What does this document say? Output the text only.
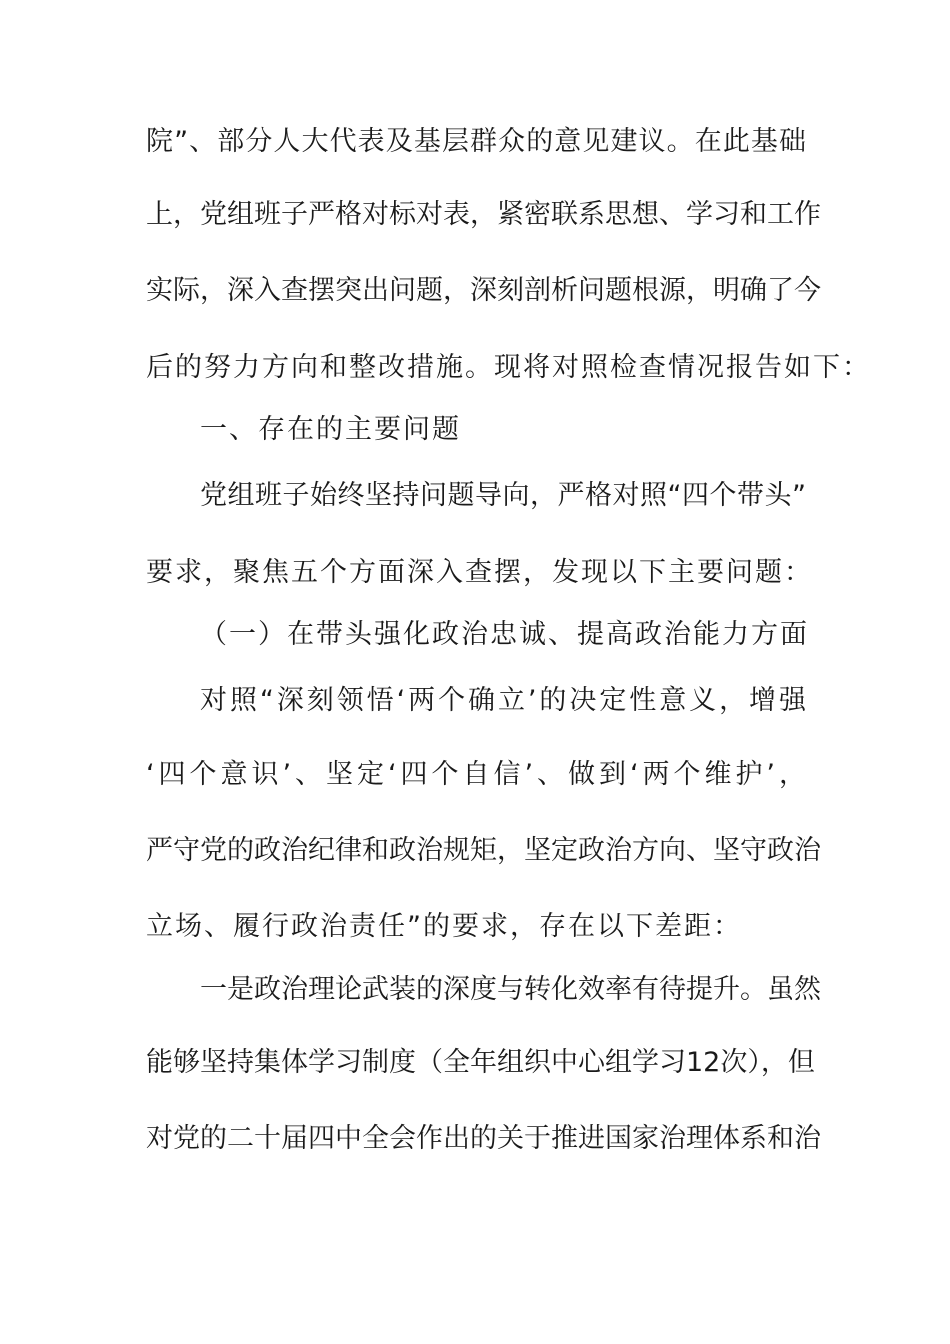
院”、部分人大代表及基层群众的意见建议。在此基础
上，党组班子严格对标对表，紧密联系思想、学习和工作
实际，深入查摆突出问题，深刻剖析问题根源，明确了今
后的努力方向和整改措施。现将对照检查情况报告如下：
一、存在的主要问题
党组班子始终坚持问题导向，严格对照“四个带头”
要求，聚焦五个方面深入查摆，发现以下主要问题：
（一）在带头强化政治忠诚、提高政治能力方面
对照“深刻领悟‘两个确立’的决定性意义，增强
‘四个意识’、坚定‘四个自信’、做到‘两个维护’，
严守党的政治纪律和政治规矩，坚定政治方向、坚守政治
立场、履行政治责任”的要求，存在以下差距：
一是政治理论武装的深度与转化效率有待提升。虽然
能够坚持集体学习制度（全年组织中心组学习12次），但
对党的二十届四中全会作出的关于推进国家治理体系和治
